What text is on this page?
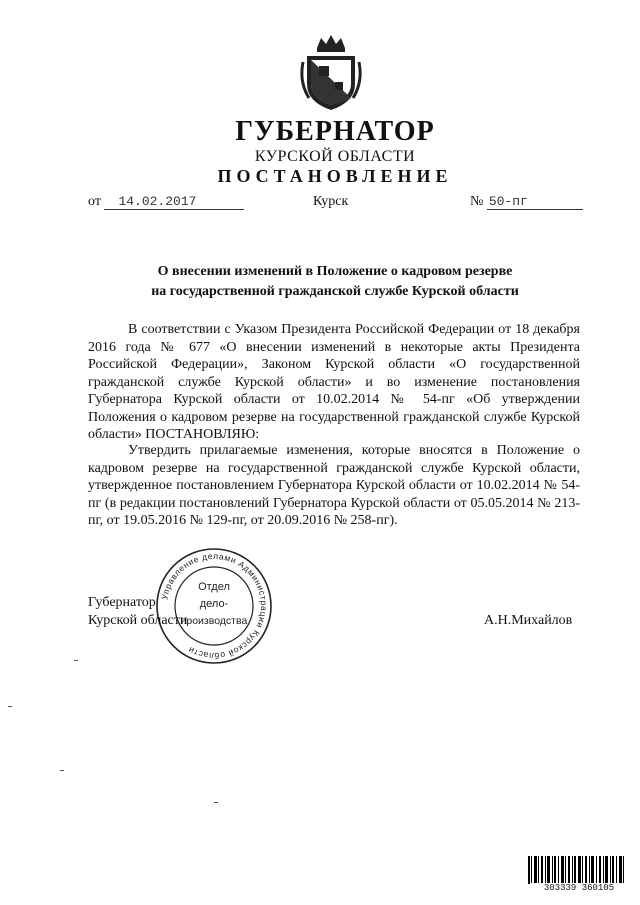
ГУБЕРНАТОР
КУРСКОЙ ОБЛАСТИ
ПОСТАНОВЛЕНИЕ
от 14.02.2017	Курск	№ 50-пг
О внесении изменений в Положение о кадровом резерве
на государственной гражданской службе Курской области

В соответствии с Указом Президента Российской Федерации от 18 декабря 2016 года № 677 «О внесении изменений в некоторые акты Президента Российской Федерации», Законом Курской области «О государственной гражданской службе Курской области» и во изменение постановления Губернатора Курской области от 10.02.2014 № 54-пг «Об утверждении Положения о кадровом резерве на государственной гражданской службе Курской области» ПОСТАНОВЛЯЮ:

Утвердить прилагаемые изменения, которые вносятся в Положение о кадровом резерве на государственной гражданской службе Курской области, утвержденное постановлением Губернатора Курской области от 10.02.2014 № 54-пг (в редакции постановлений Губернатора Курской области от 05.05.2014 № 213-пг, от 19.05.2016 № 129-пг, от 20.09.2016 № 258-пг).

Управление делами Администрации Курской области
Отдел
дело-
производства
Губернатор
Курской области	А.Н.Михайлов
303339 360105
